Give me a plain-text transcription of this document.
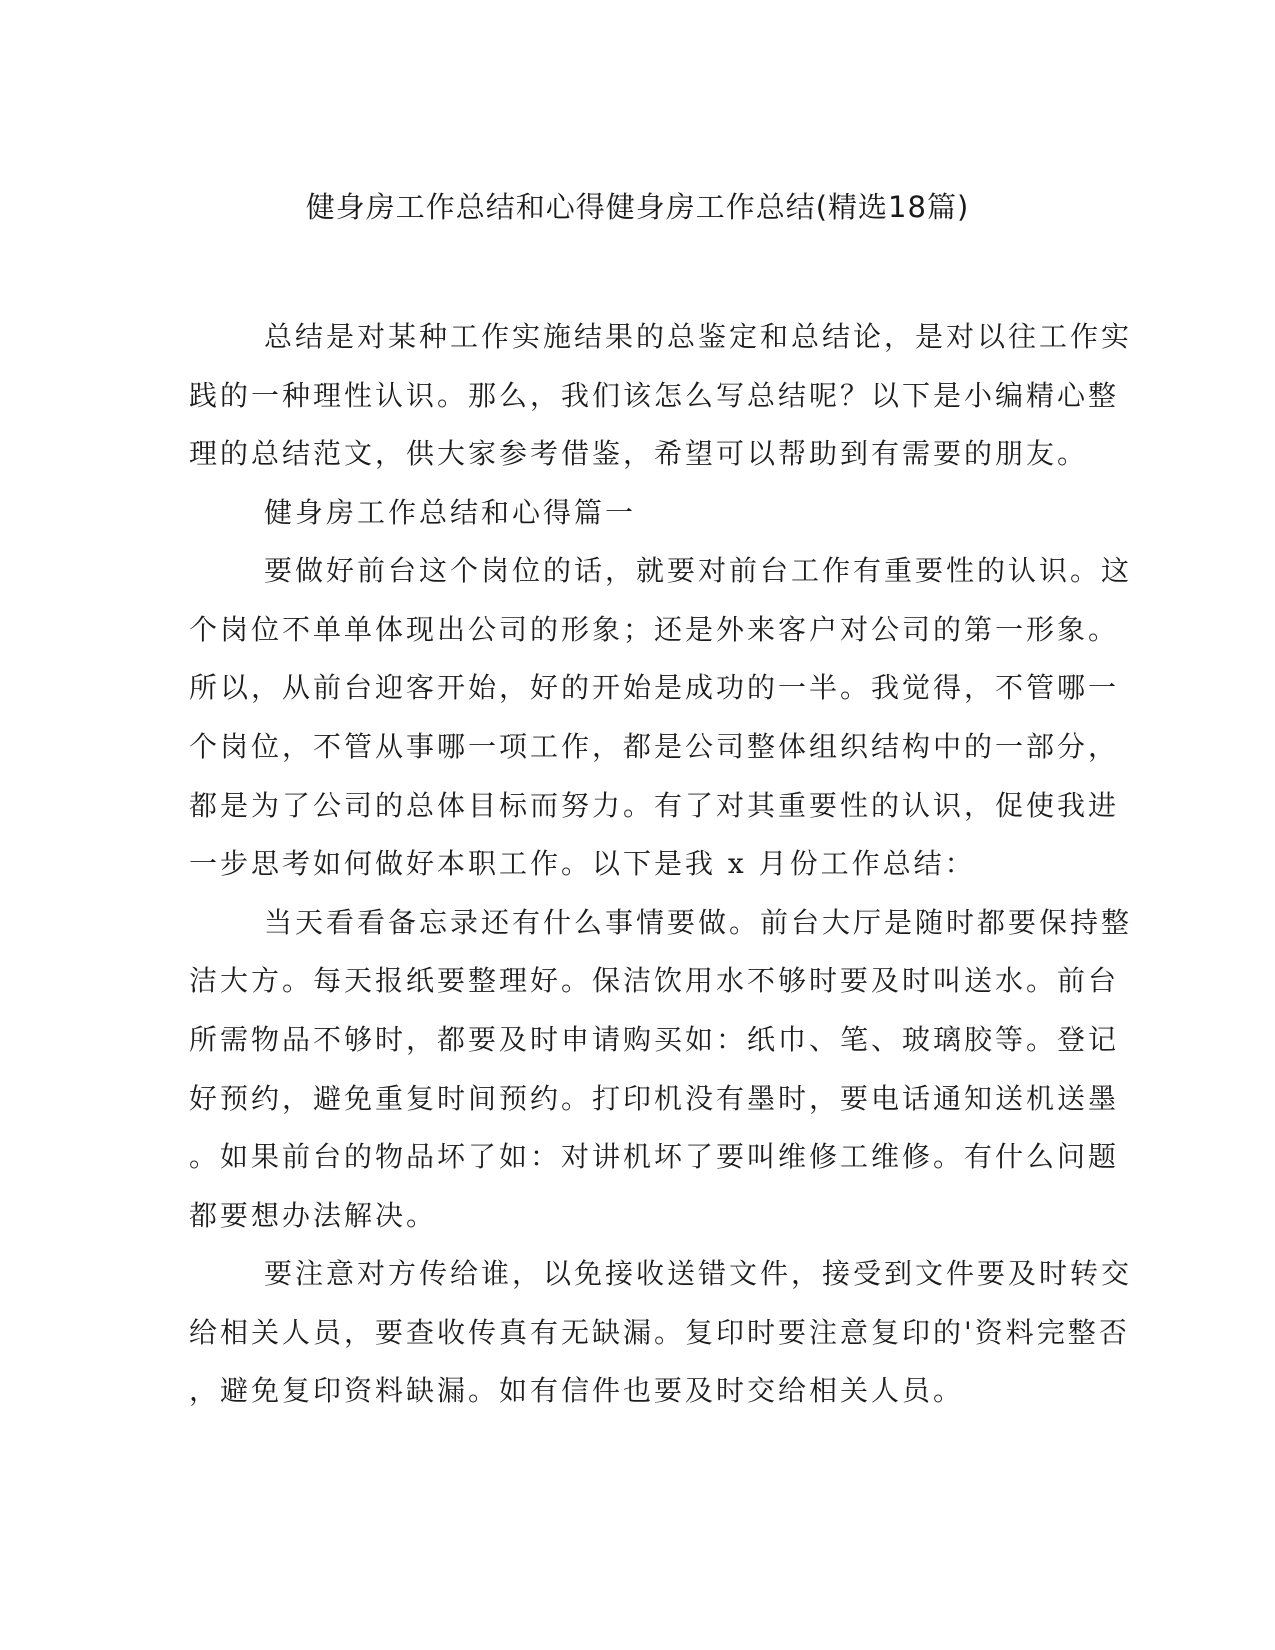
健身房工作总结和心得健身房工作总结(精选18篇)
总结是对某种工作实施结果的总鉴定和总结论，是对以往工作实
践的一种理性认识。那么，我们该怎么写总结呢？以下是小编精心整
理的总结范文，供大家参考借鉴，希望可以帮助到有需要的朋友。
健身房工作总结和心得篇一
要做好前台这个岗位的话，就要对前台工作有重要性的认识。这
个岗位不单单体现出公司的形象；还是外来客户对公司的第一形象。
所以，从前台迎客开始，好的开始是成功的一半。我觉得，不管哪一
个岗位，不管从事哪一项工作，都是公司整体组织结构中的一部分，
都是为了公司的总体目标而努力。有了对其重要性的认识，促使我进
一步思考如何做好本职工作。以下是我 x 月份工作总结：
当天看看备忘录还有什么事情要做。前台大厅是随时都要保持整
洁大方。每天报纸要整理好。保洁饮用水不够时要及时叫送水。前台
所需物品不够时，都要及时申请购买如：纸巾、笔、玻璃胶等。登记
好预约，避免重复时间预约。打印机没有墨时，要电话通知送机送墨
。如果前台的物品坏了如：对讲机坏了要叫维修工维修。有什么问题
都要想办法解决。
要注意对方传给谁，以免接收送错文件，接受到文件要及时转交
给相关人员，要查收传真有无缺漏。复印时要注意复印的'资料完整否
，避免复印资料缺漏。如有信件也要及时交给相关人员。
